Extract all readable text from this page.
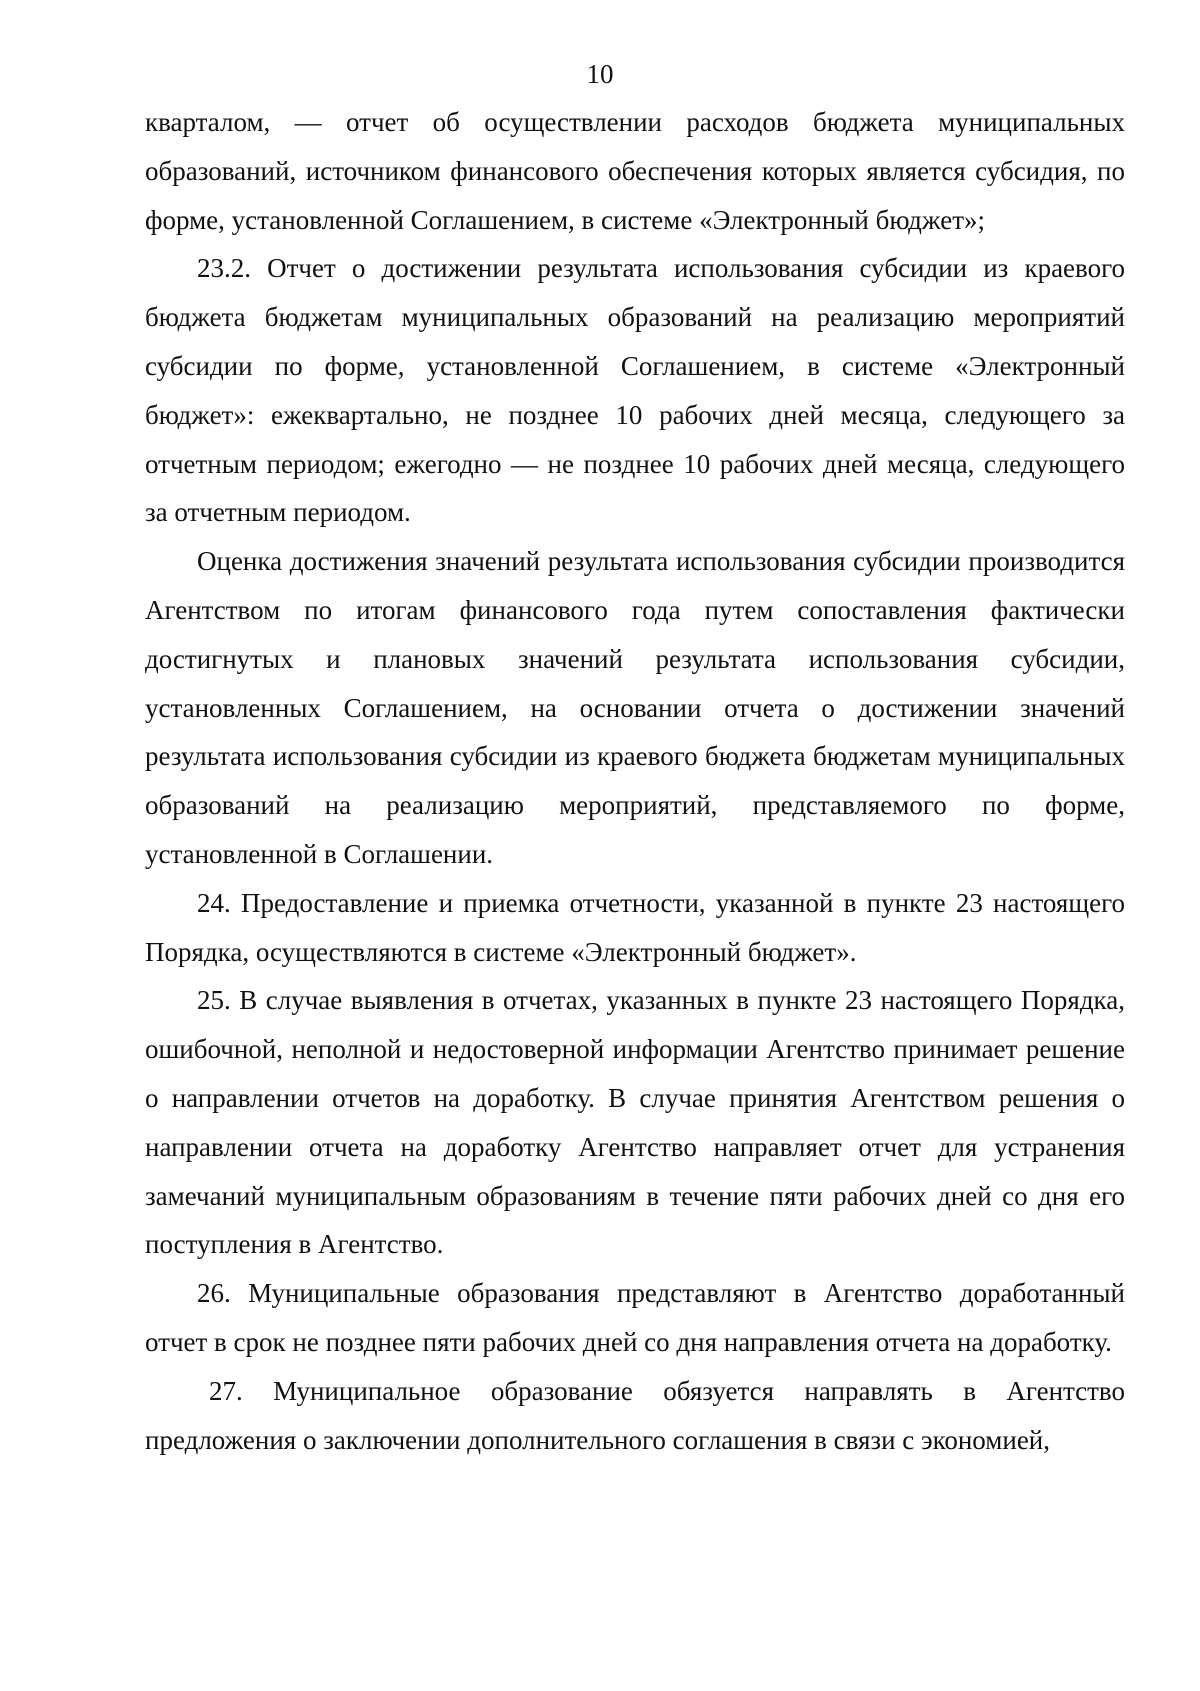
10

кварталом, — отчет об осуществлении расходов бюджета муниципальных образований, источником финансового обеспечения которых является субсидия, по форме, установленной Соглашением, в системе «Электронный бюджет»;

23.2. Отчет о достижении результата использования субсидии из краевого бюджета бюджетам муниципальных образований на реализацию мероприятий субсидии по форме, установленной Соглашением, в системе «Электронный бюджет»: ежеквартально, не позднее 10 рабочих дней месяца, следующего за отчетным периодом; ежегодно — не позднее 10 рабочих дней месяца, следующего за отчетным периодом.

Оценка достижения значений результата использования субсидии производится Агентством по итогам финансового года путем сопоставления фактически достигнутых и плановых значений результата использования субсидии, установленных Соглашением, на основании отчета о достижении значений результата использования субсидии из краевого бюджета бюджетам муниципальных образований на реализацию мероприятий, представляемого по форме, установленной в Соглашении.

24. Предоставление и приемка отчетности, указанной в пункте 23 настоящего Порядка, осуществляются в системе «Электронный бюджет».

25. В случае выявления в отчетах, указанных в пункте 23 настоящего Порядка, ошибочной, неполной и недостоверной информации Агентство принимает решение о направлении отчетов на доработку. В случае принятия Агентством решения о направлении отчета на доработку Агентство направляет отчет для устранения замечаний муниципальным образованиям в течение пяти рабочих дней со дня его поступления в Агентство.

26. Муниципальные образования представляют в Агентство доработанный отчет в срок не позднее пяти рабочих дней со дня направления отчета на доработку.

27. Муниципальное образование обязуется направлять в Агентство предложения о заключении дополнительного соглашения в связи с экономией,
